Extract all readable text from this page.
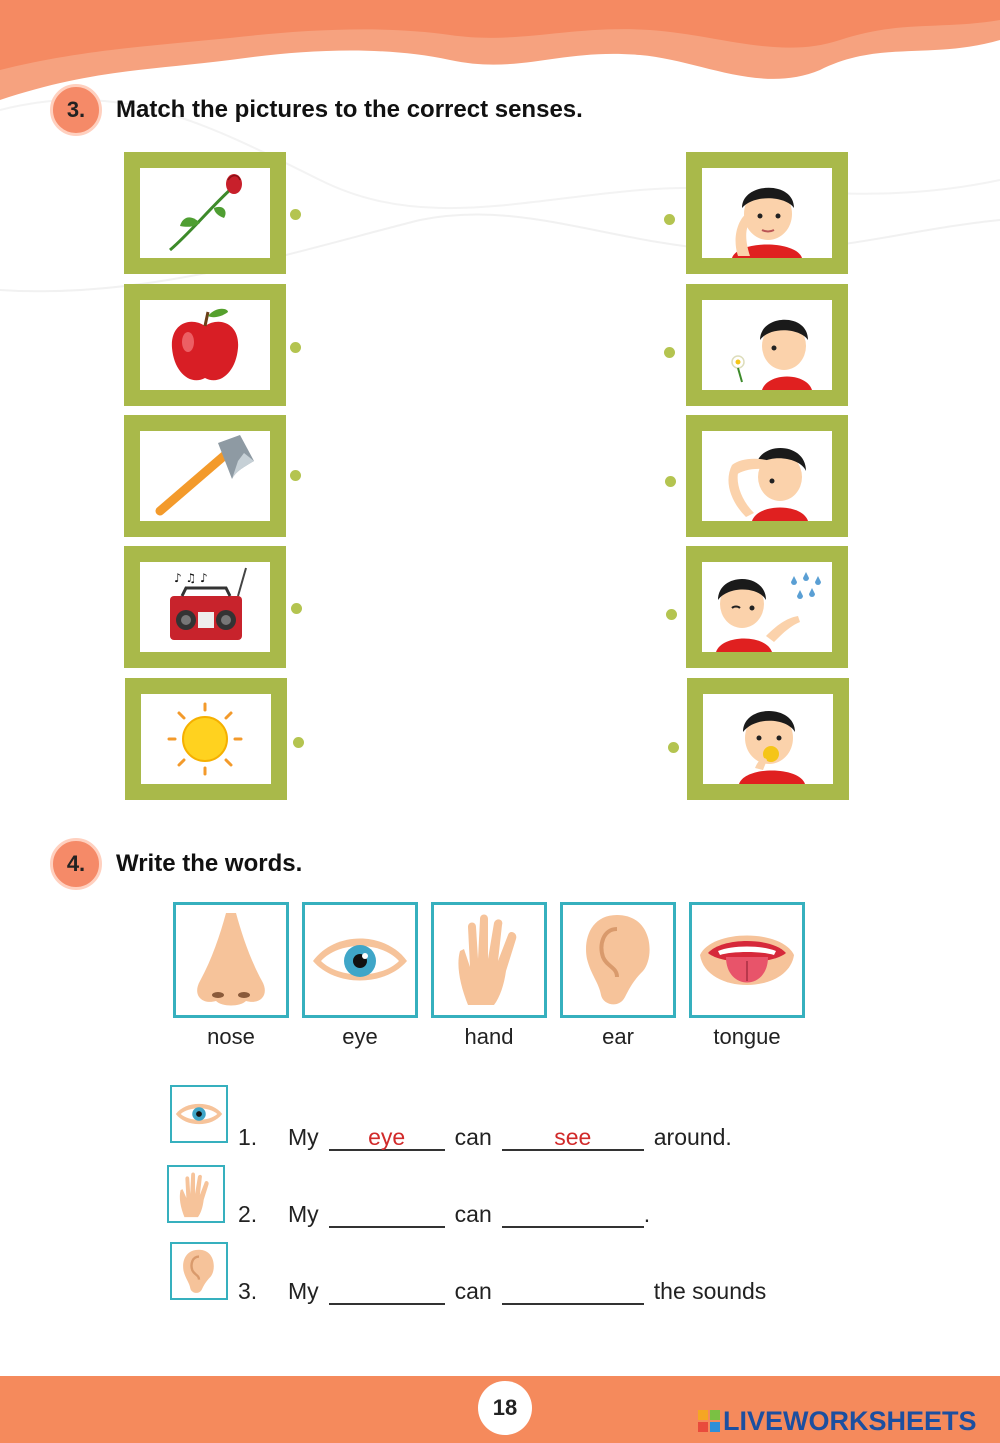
3.	Match the pictures to the correct senses.
♪ ♫ ♪
4.	Write the words.
nose	eye	hand	ear	tongue
1.	My	eye	can	see	around.
2.	My	can	.
3.	My	can	the sounds
18	LIVEWORKSHEETS
